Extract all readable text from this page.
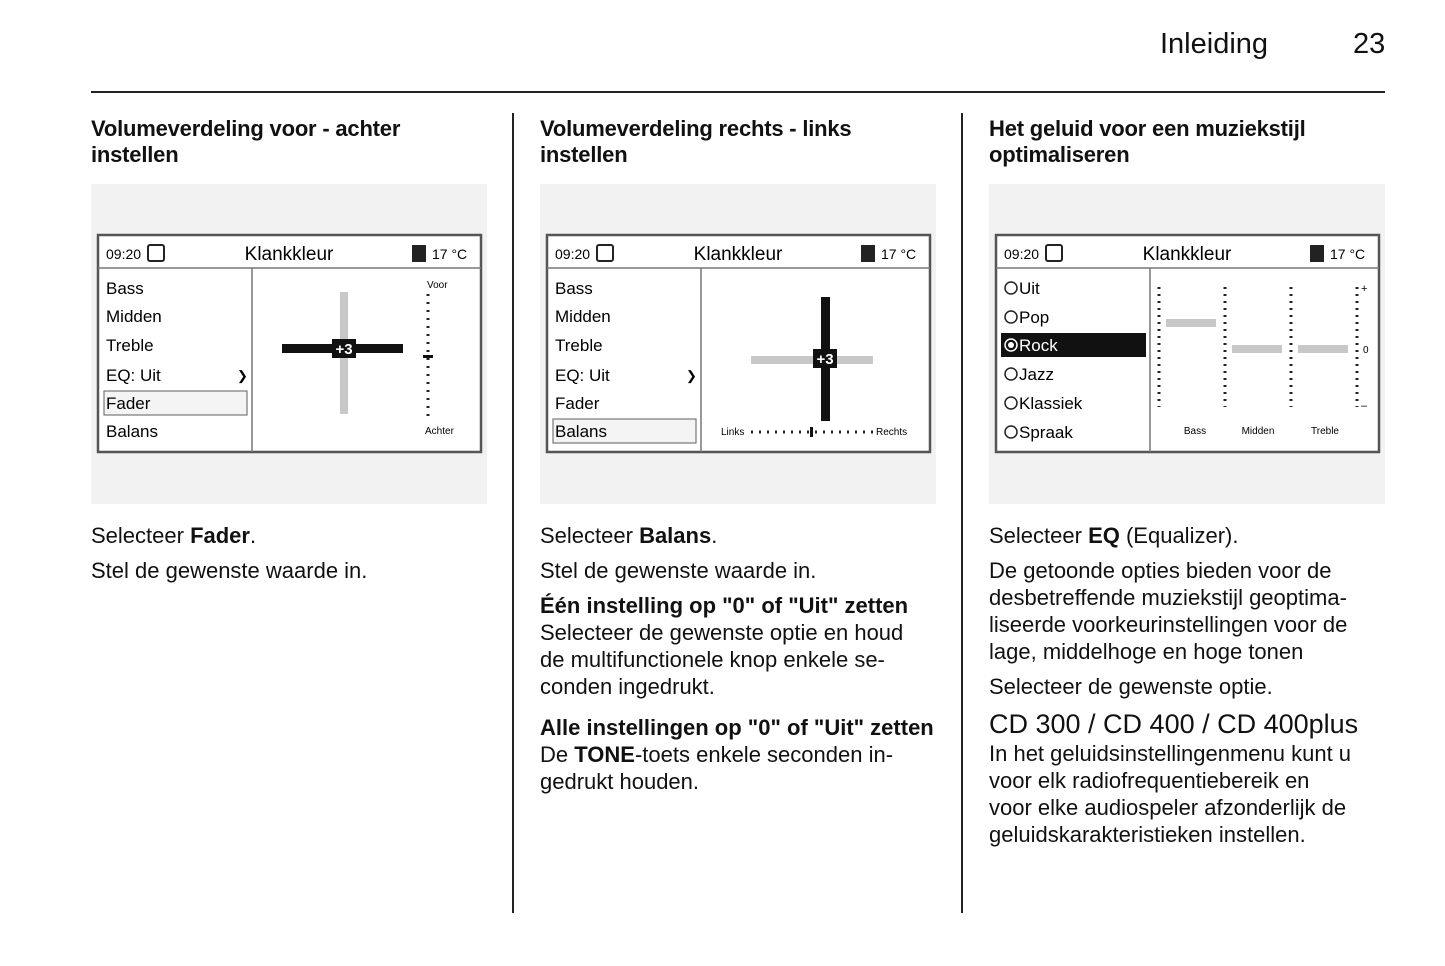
Inleiding	23

Volumeverdeling voor - achter
instellen

09:20	Klankkleur	17 °C
Bass
Midden
Treble
EQ: Uit	❯
Fader
Balans
+3
Voor
Achter

Selecteer Fader.

Stel de gewenste waarde in.

Volumeverdeling rechts - links
instellen

09:20	Klankkleur	17 °C
Bass
Midden
Treble
EQ: Uit	❯
Fader
Balans
+3
Links	Rechts

Selecteer Balans.

Stel de gewenste waarde in.

Één instelling op "0" of "Uit" zetten

Selecteer de gewenste optie en houd
de multifunctionele knop enkele se-
conden ingedrukt.

Alle instellingen op "0" of "Uit" zetten

De TONE-toets enkele seconden in-
gedrukt houden.

Het geluid voor een muziekstijl
optimaliseren

09:20	Klankkleur	17 °C
Uit
Pop
Rock
Jazz
Klassiek
Spraak
+
0
–
Bass	Midden	Treble

Selecteer EQ (Equalizer).

De getoonde opties bieden voor de
desbetreffende muziekstijl geoptima-
liseerde voorkeurinstellingen voor de
lage, middelhoge en hoge tonen

Selecteer de gewenste optie.

CD 300 / CD 400 / CD 400plus

In het geluidsinstellingenmenu kunt u
voor elk radiofrequentiebereik en
voor elke audiospeler afzonderlijk de
geluidskarakteristieken instellen.
